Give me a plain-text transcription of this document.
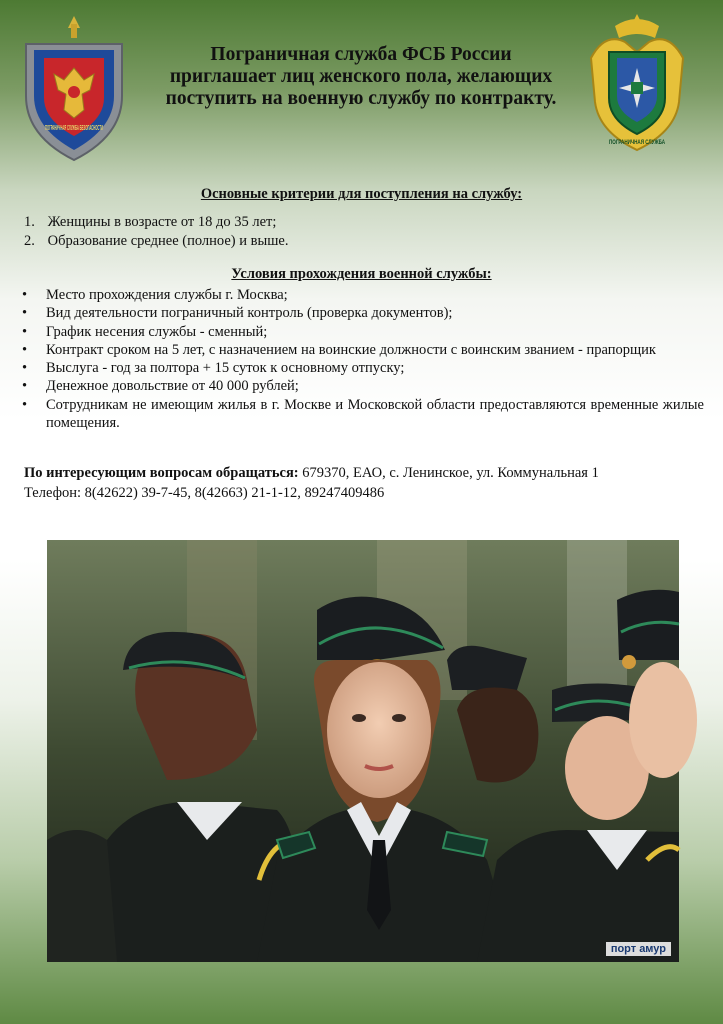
ПОГРАНИЧНАЯ СЛУЖБА БЕЗОПАСНОСТИ
Пограничная служба ФСБ России
приглашает лиц женского пола, желающих
поступить на военную службу по контракту.
ПОГРАНИЧНАЯ СЛУЖБА

Основные критерии для поступления на службу:

1. Женщины в возрасте от 18 до 35 лет;
2. Образование среднее (полное) и выше.

Условия прохождения военной службы:

• Место прохождения службы г. Москва;
• Вид деятельности пограничный контроль (проверка документов);
• График несения службы - сменный;
• Контракт сроком на 5 лет, с назначением на воинские должности с воинским званием - прапорщик
• Выслуга - год за полтора + 15 суток к основному отпуску;
• Денежное довольствие от 40 000 рублей;
• Сотрудникам не имеющим жилья в г. Москве и Московской области предоставляются временные жилые помещения.
По интересующим вопросам обращаться: 679370, ЕАО, с. Ленинское, ул. Коммунальная 1
Телефон: 8(42622) 39-7-45, 8(42663) 21-1-12, 89247409486
порт амур
